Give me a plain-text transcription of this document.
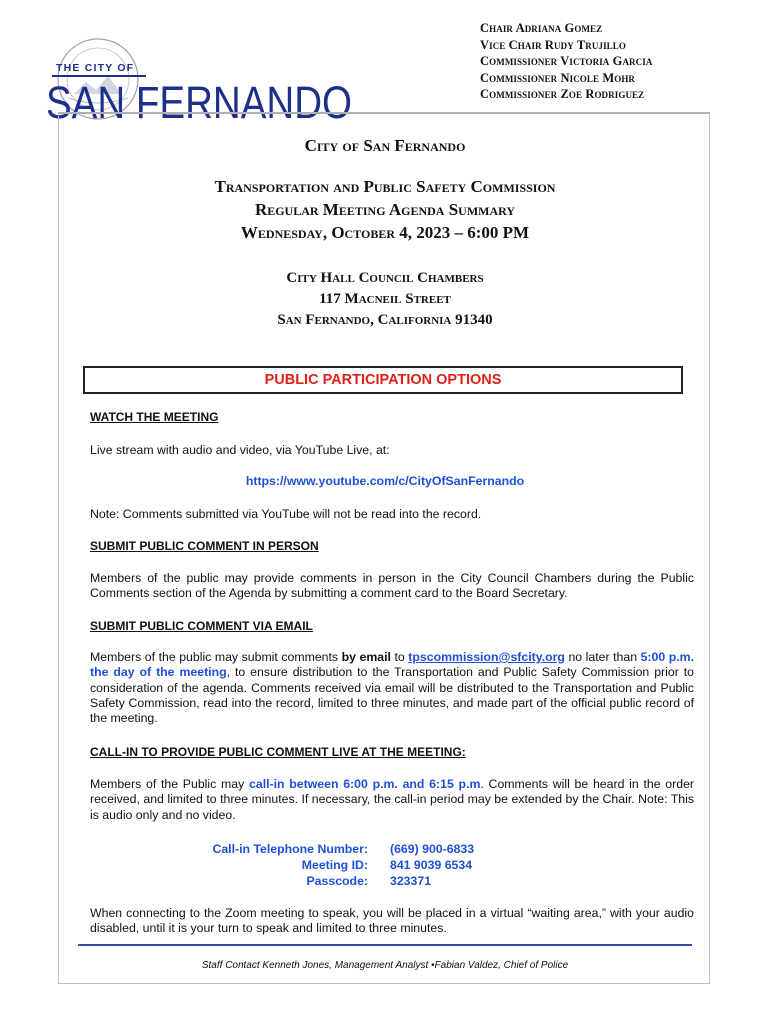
THE CITY OF
SAN FERNANDO
Chair Adriana Gomez
Vice Chair Rudy Trujillo
Commissioner Victoria Garcia
Commissioner Nicole Mohr
Commissioner Zoe Rodriguez
City of San Fernando
Transportation and Public Safety Commission
Regular Meeting Agenda Summary
Wednesday, October 4, 2023 – 6:00 PM
City Hall Council Chambers
117 Macneil Street
San Fernando, California 91340
PUBLIC PARTICIPATION OPTIONS
WATCH THE MEETING
Live stream with audio and video, via YouTube Live, at:
https://www.youtube.com/c/CityOfSanFernando
Note: Comments submitted via YouTube will not be read into the record.
SUBMIT PUBLIC COMMENT IN PERSON
Members of the public may provide comments in person in the City Council Chambers during the Public Comments section of the Agenda by submitting a comment card to the Board Secretary.
SUBMIT PUBLIC COMMENT VIA EMAIL
Members of the public may submit comments by email to tpscommission@sfcity.org no later than 5:00 p.m. the day of the meeting, to ensure distribution to the Transportation and Public Safety Commission prior to consideration of the agenda. Comments received via email will be distributed to the Transportation and Public Safety Commission, read into the record, limited to three minutes, and made part of the official public record of the meeting.
CALL-IN TO PROVIDE PUBLIC COMMENT LIVE AT THE MEETING:
Members of the Public may call-in between 6:00 p.m. and 6:15 p.m. Comments will be heard in the order received, and limited to three minutes. If necessary, the call-in period may be extended by the Chair. Note: This is audio only and no video.
Call-in Telephone Number:
Meeting ID:
Passcode:
(669) 900-6833
841 9039 6534
323371
When connecting to the Zoom meeting to speak, you will be placed in a virtual “waiting area,” with your audio disabled, until it is your turn to speak and limited to three minutes.
Staff Contact Kenneth Jones, Management Analyst •Fabian Valdez, Chief of Police
